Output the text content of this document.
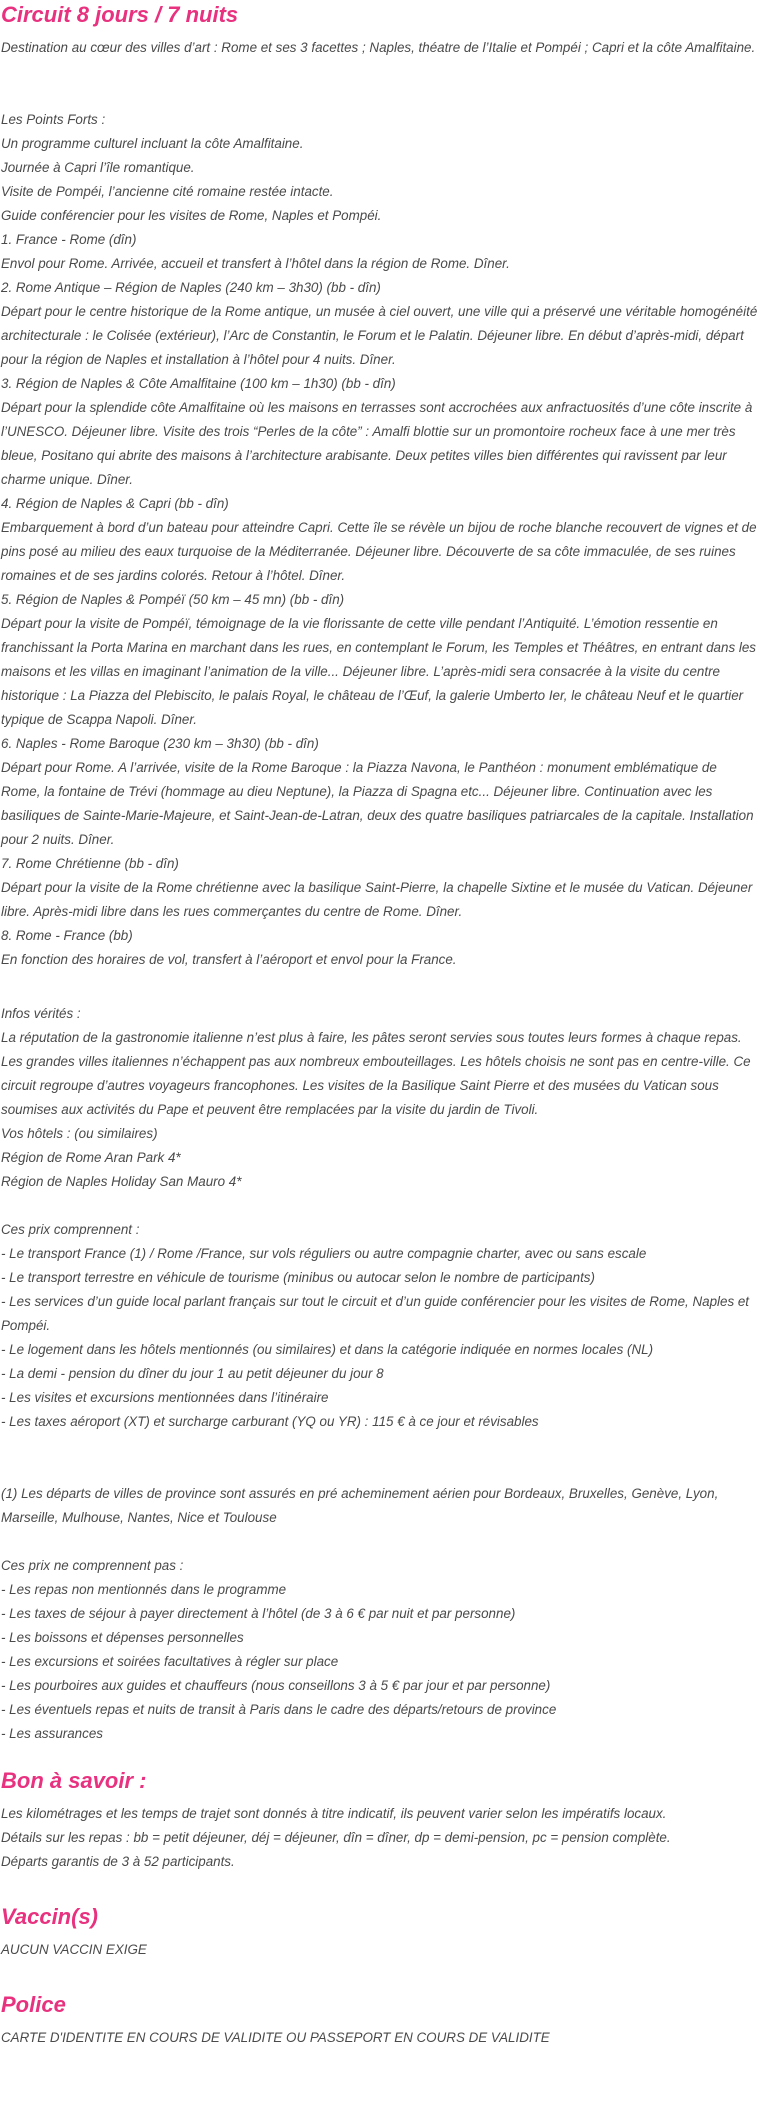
Circuit 8 jours / 7 nuits

Destination au cœur des villes d’art : Rome et ses 3 facettes ; Naples, théatre de l’Italie et Pompéi ; Capri et la côte Amalfitaine.

Les Points Forts :
Un programme culturel incluant la côte Amalfitaine.
Journée à Capri l’île romantique.
Visite de Pompéi, l’ancienne cité romaine restée intacte.
Guide conférencier pour les visites de Rome, Naples et Pompéi.
1. France - Rome (dîn)
Envol pour Rome. Arrivée, accueil et transfert à l’hôtel dans la région de Rome. Dîner.
2. Rome Antique – Région de Naples (240 km – 3h30) (bb - dîn)
Départ pour le centre historique de la Rome antique, un musée à ciel ouvert, une ville qui a préservé une véritable homogénéité architecturale : le Colisée (extérieur), l’Arc de Constantin, le Forum et le Palatin. Déjeuner libre. En début d’après-midi, départ pour la région de Naples et installation à l’hôtel pour 4 nuits. Dîner.
3. Région de Naples & Côte Amalfitaine (100 km – 1h30) (bb - dîn)
Départ pour la splendide côte Amalfitaine où les maisons en terrasses sont accrochées aux anfractuosités d’une côte inscrite à l’UNESCO. Déjeuner libre. Visite des trois “Perles de la côte” : Amalfi blottie sur un promontoire rocheux face à une mer très bleue, Positano qui abrite des maisons à l’architecture arabisante. Deux petites villes bien différentes qui ravissent par leur charme unique. Dîner.
4. Région de Naples & Capri (bb - dîn)
Embarquement à bord d’un bateau pour atteindre Capri. Cette île se révèle un bijou de roche blanche recouvert de vignes et de pins posé au milieu des eaux turquoise de la Méditerranée. Déjeuner libre. Découverte de sa côte immaculée, de ses ruines romaines et de ses jardins colorés. Retour à l’hôtel. Dîner.
5. Région de Naples & Pompéï (50 km – 45 mn) (bb - dîn)
Départ pour la visite de Pompéï, témoignage de la vie florissante de cette ville pendant l’Antiquité. L’émotion ressentie en franchissant la Porta Marina en marchant dans les rues, en contemplant le Forum, les Temples et Théâtres, en entrant dans les maisons et les villas en imaginant l’animation de la ville... Déjeuner libre. L’après-midi sera consacrée à la visite du centre historique : La Piazza del Plebiscito, le palais Royal, le château de l’Œuf, la galerie Umberto Ier, le château Neuf et le quartier typique de Scappa Napoli. Dîner.
6. Naples - Rome Baroque (230 km – 3h30) (bb - dîn)
Départ pour Rome. A l’arrivée, visite de la Rome Baroque : la Piazza Navona, le Panthéon : monument emblématique de Rome, la fontaine de Trévi (hommage au dieu Neptune), la Piazza di Spagna etc... Déjeuner libre. Continuation avec les basiliques de Sainte-Marie-Majeure, et Saint-Jean-de-Latran, deux des quatre basiliques patriarcales de la capitale. Installation pour 2 nuits. Dîner.
7. Rome Chrétienne (bb - dîn)
Départ pour la visite de la Rome chrétienne avec la basilique Saint-Pierre, la chapelle Sixtine et le musée du Vatican. Déjeuner libre. Après-midi libre dans les rues commerçantes du centre de Rome. Dîner.
8. Rome - France (bb)
En fonction des horaires de vol, transfert à l’aéroport et envol pour la France.
Infos vérités :
La réputation de la gastronomie italienne n’est plus à faire, les pâtes seront servies sous toutes leurs formes à chaque repas. Les grandes villes italiennes n’échappent pas aux nombreux embouteillages. Les hôtels choisis ne sont pas en centre-ville. Ce circuit regroupe d’autres voyageurs francophones. Les visites de la Basilique Saint Pierre et des musées du Vatican sous soumises aux activités du Pape et peuvent être remplacées par la visite du jardin de Tivoli.
Vos hôtels : (ou similaires)
Région de Rome Aran Park 4*
Région de Naples Holiday San Mauro 4*
Ces prix comprennent :
- Le transport France (1) / Rome /France, sur vols réguliers ou autre compagnie charter, avec ou sans escale
- Le transport terrestre en véhicule de tourisme (minibus ou autocar selon le nombre de participants)
- Les services d’un guide local parlant français sur tout le circuit et d’un guide conférencier pour les visites de Rome, Naples et Pompéi.
- Le logement dans les hôtels mentionnés (ou similaires) et dans la catégorie indiquée en normes locales (NL)
- La demi - pension du dîner du jour 1 au petit déjeuner du jour 8
- Les visites et excursions mentionnées dans l’itinéraire
- Les taxes aéroport (XT) et surcharge carburant (YQ ou YR) : 115 € à ce jour et révisables

(1) Les départs de villes de province sont assurés en pré acheminement aérien pour Bordeaux, Bruxelles, Genève, Lyon, Marseille, Mulhouse, Nantes, Nice et Toulouse

Ces prix ne comprennent pas :
- Les repas non mentionnés dans le programme
- Les taxes de séjour à payer directement à l’hôtel (de 3 à 6 € par nuit et par personne)
- Les boissons et dépenses personnelles
- Les excursions et soirées facultatives à régler sur place
- Les pourboires aux guides et chauffeurs (nous conseillons 3 à 5 € par jour et par personne)
- Les éventuels repas et nuits de transit à Paris dans le cadre des départs/retours de province
- Les assurances
Bon à savoir :
Les kilométrages et les temps de trajet sont donnés à titre indicatif, ils peuvent varier selon les impératifs locaux.
Détails sur les repas : bb = petit déjeuner, déj = déjeuner, dîn = dîner, dp = demi-pension, pc = pension complète.
Départs garantis de 3 à 52 participants.
Vaccin(s)

AUCUN VACCIN EXIGE

Police

CARTE D'IDENTITE EN COURS DE VALIDITE OU PASSEPORT EN COURS DE VALIDITE
